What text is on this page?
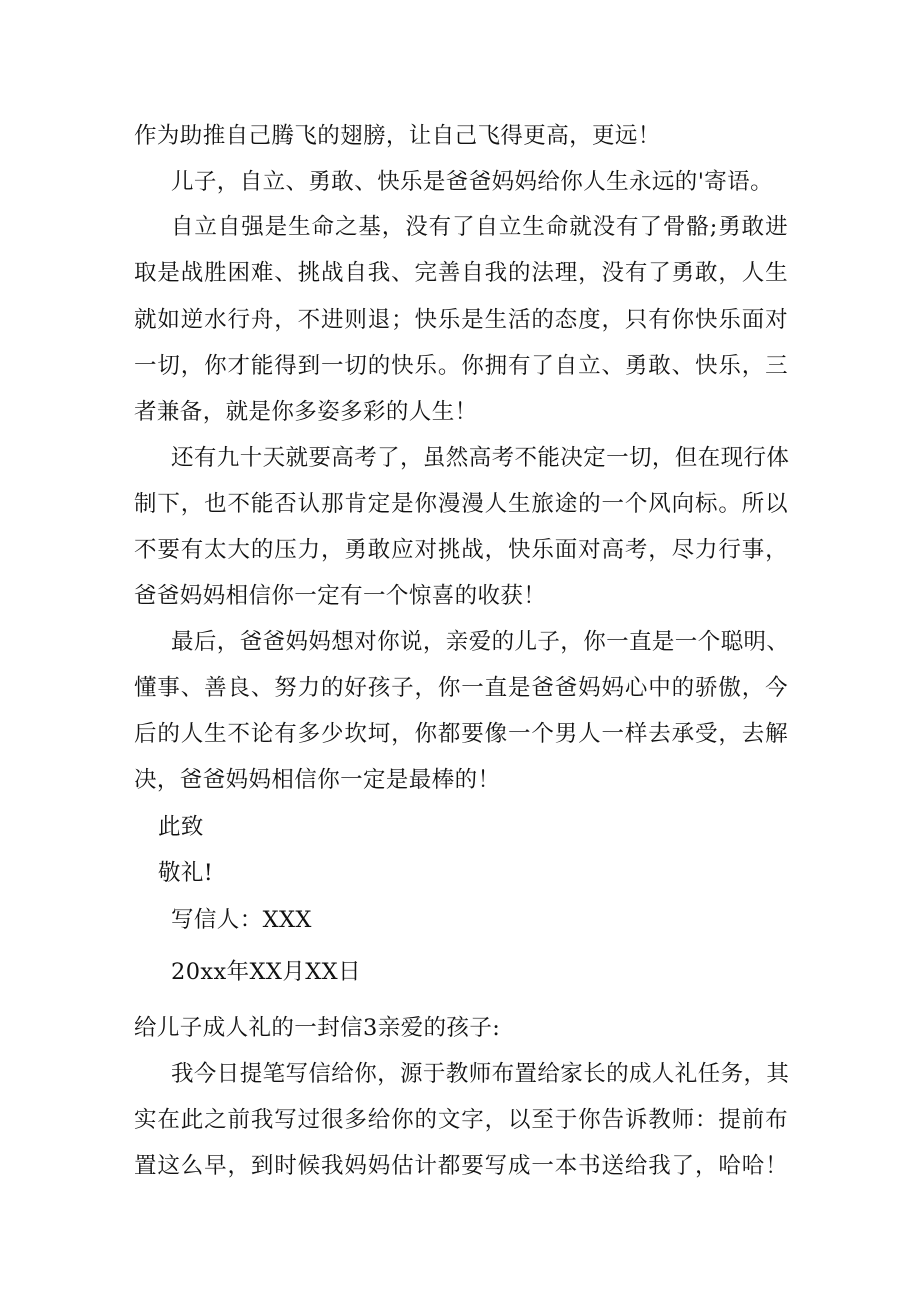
作为助推自己腾飞的翅膀，让自己飞得更高，更远！
儿子，自立、勇敢、快乐是爸爸妈妈给你人生永远的'寄语。
自立自强是生命之基，没有了自立生命就没有了骨骼;勇敢进
取是战胜困难、挑战自我、完善自我的法理，没有了勇敢，人生
就如逆水行舟，不进则退；快乐是生活的态度，只有你快乐面对
一切，你才能得到一切的快乐。你拥有了自立、勇敢、快乐，三
者兼备，就是你多姿多彩的人生！
还有九十天就要高考了，虽然高考不能决定一切，但在现行体
制下，也不能否认那肯定是你漫漫人生旅途的一个风向标。所以
不要有太大的压力，勇敢应对挑战，快乐面对高考，尽力行事，
爸爸妈妈相信你一定有一个惊喜的收获！
最后，爸爸妈妈想对你说，亲爱的儿子，你一直是一个聪明、
懂事、善良、努力的好孩子，你一直是爸爸妈妈心中的骄傲，今
后的人生不论有多少坎坷，你都要像一个男人一样去承受，去解
决，爸爸妈妈相信你一定是最棒的！
此致
敬礼!
写信人：XXX
20xx年XX月XX日
给儿子成人礼的一封信3亲爱的孩子:
我今日提笔写信给你，源于教师布置给家长的成人礼任务，其
实在此之前我写过很多给你的文字，以至于你告诉教师：提前布
置这么早，到时候我妈妈估计都要写成一本书送给我了，哈哈！
